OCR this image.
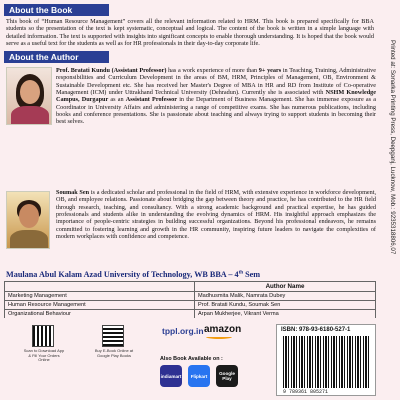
About the Book

This book of “Human Resource Management” covers all the relevant information related to HRM. This book is prepared specifically for BBA students so the presentation of the text is kept systematic, conceptual and logical. The content of the book is written in a simple language with detailed information. The text is supported with insights into significant concepts to enable thorough understanding. It is hoped that the book would serve as a useful text for the students as well as for HR professionals in their day-to-day corporate life.

About the Author
Prof. Bratati Kundu (Assistant Professor) has a work experience of more than 9+ years in Teaching, Training, Administrative responsibilities and Curriculum Development in the areas of BM, HRM, Principles of Management, OB, Environment & Sustainable Development etc. She has received her Master's Degree of MBA in HR and RD from Institute of Co-operative Management (ICM) under Uttrakhand Technical University (Dehradun). Currently she is associated with NSHM Knowledge Campus, Durgapur as an Assistant Professor in the Department of Business Management. She has immense exposure as a Coordinator in University Affairs and administering a range of competitive exams. She has numerous publications, including books and conference presentations. She is passionate about teaching and always trying to support students in becoming their best selves.
Soumak Sen is a dedicated scholar and professional in the field of HRM, with extensive experience in workforce development, OB, and employee relations. Passionate about bridging the gap between theory and practice, he has contributed to the HR field through research, teaching, and consultancy. With a strong academic background and practical expertise, he has guided professionals and students alike in understanding the evolving dynamics of HRM. His insightful approach emphasizes the importance of people-centric strategies in building successful organizations. Beyond his professional endeavors, he remains committed to fostering learning and growth in the HR community, inspiring future leaders to navigate the complexities of modern workplaces with confidence and competence.
Maulana Abul Kalam Azad University of Technology, WB BBA – 4th Sem
	Author Name
Marketing Management	Madhusmita Malik, Namrata Dubey
Human Resource Management	Prof. Bratati Kundu, Soumak Sen
Organizational Behaviour	Arpan Mukherjee, Vikrant Verma

Scan to Download App & Fill Your Orders Online
Buy E-Book Online at Google Play Books
tppl.org.in amazon
Also Book Available on :
indiamart	Flipkart	Google Play
ISBN: 978-93-6180-527-1
9 789361 805271
Printed at: Sonarka Printing Press, Deepganj, Lucknow, Mob.: 9235318806,07
